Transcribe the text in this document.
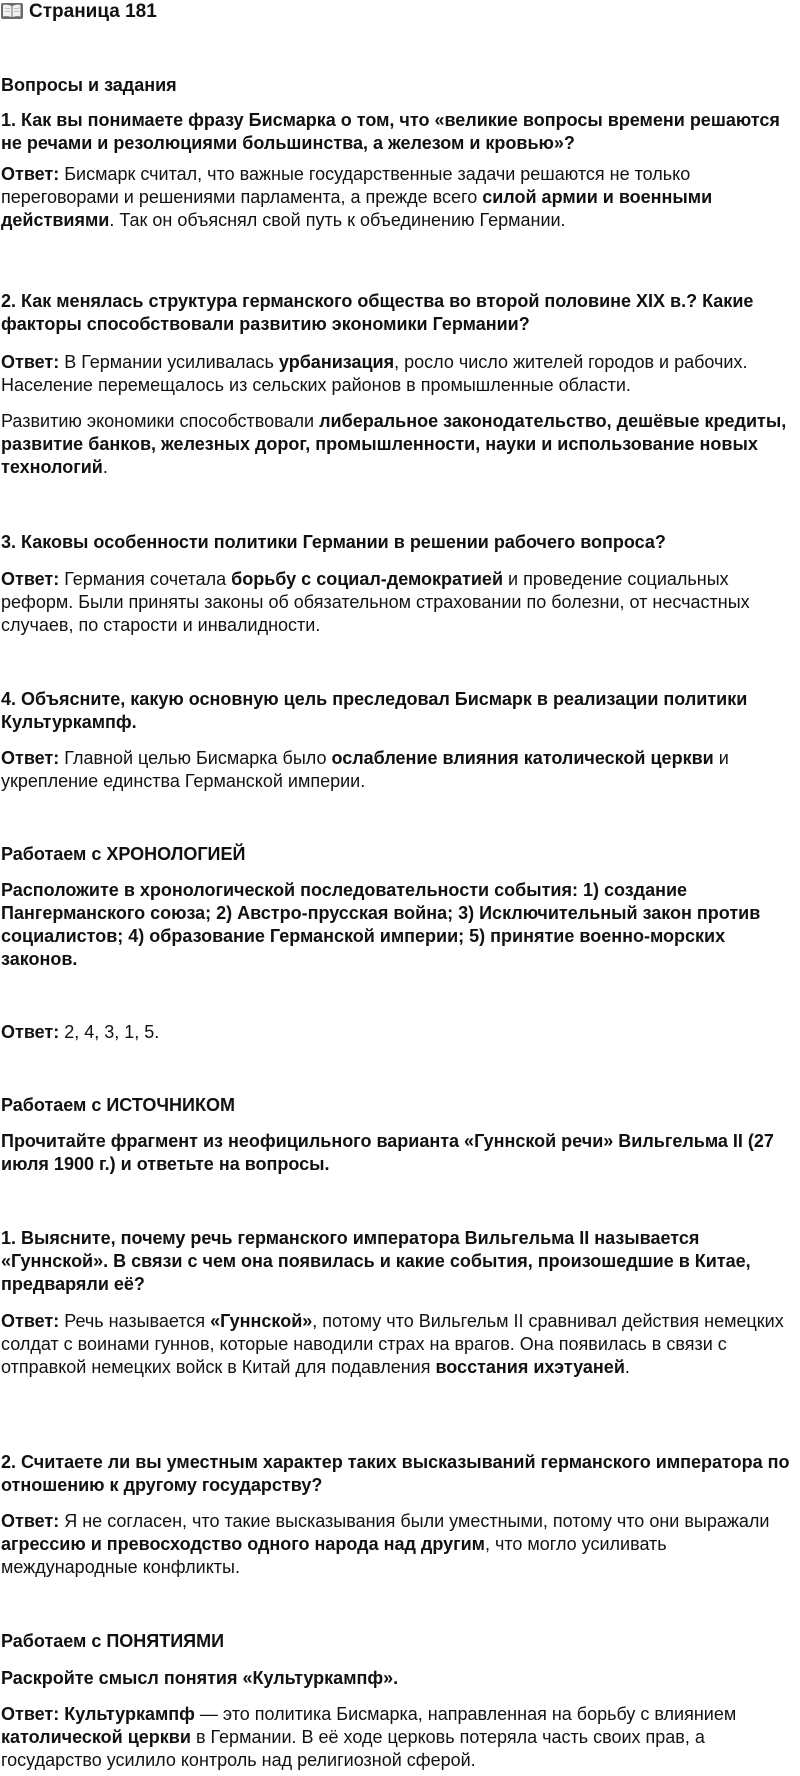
Страница 181
Вопросы и задания
1. Как вы понимаете фразу Бисмарка о том, что «великие вопросы времени решаются не речами и резолюциями большинства, а железом и кровью»?

Ответ: Бисмарк считал, что важные государственные задачи решаются не только переговорами и решениями парламента, а прежде всего силой армии и военными действиями. Так он объяснял свой путь к объединению Германии.

2. Как менялась структура германского общества во второй половине XIX в.? Какие факторы способствовали развитию экономики Германии?

Ответ: В Германии усиливалась урбанизация, росло число жителей городов и рабочих. Население перемещалось из сельских районов в промышленные области.

Развитию экономики способствовали либеральное законодательство, дешёвые кредиты, развитие банков, железных дорог, промышленности, науки и использование новых технологий.

3. Каковы особенности политики Германии в решении рабочего вопроса?

Ответ: Германия сочетала борьбу с социал-демократией и проведение социальных реформ. Были приняты законы об обязательном страховании по болезни, от несчастных случаев, по старости и инвалидности.

4. Объясните, какую основную цель преследовал Бисмарк в реализации политики Культуркампф.

Ответ: Главной целью Бисмарка было ослабление влияния католической церкви и укрепление единства Германской империи.

Работаем с ХРОНОЛОГИЕЙ
Расположите в хронологической последовательности события: 1) создание Пангерманского союза; 2) Австро-прусская война; 3) Исключительный закон против социалистов; 4) образование Германской империи; 5) принятие военно-морских законов.

Ответ: 2, 4, 3, 1, 5.

Работаем с ИСТОЧНИКОМ
Прочитайте фрагмент из неофицильного варианта «Гуннской речи» Вильгельма II (27 июля 1900 г.) и ответьте на вопросы.
1. Выясните, почему речь германского императора Вильгельма II называется «Гуннской». В связи с чем она появилась и какие события, произошедшие в Китае, предваряли её?

Ответ: Речь называется «Гуннской», потому что Вильгельм II сравнивал действия немецких солдат с воинами гуннов, которые наводили страх на врагов. Она появилась в связи с отправкой немецких войск в Китай для подавления восстания ихэтуаней.

2. Считаете ли вы уместным характер таких высказываний германского императора по отношению к другому государству?

Ответ: Я не согласен, что такие высказывания были уместными, потому что они выражали агрессию и превосходство одного народа над другим, что могло усиливать международные конфликты.

Работаем с ПОНЯТИЯМИ
Раскройте смысл понятия «Культуркампф».

Ответ: Культуркампф — это политика Бисмарка, направленная на борьбу с влиянием католической церкви в Германии. В её ходе церковь потеряла часть своих прав, а государство усилило контроль над религиозной сферой.
